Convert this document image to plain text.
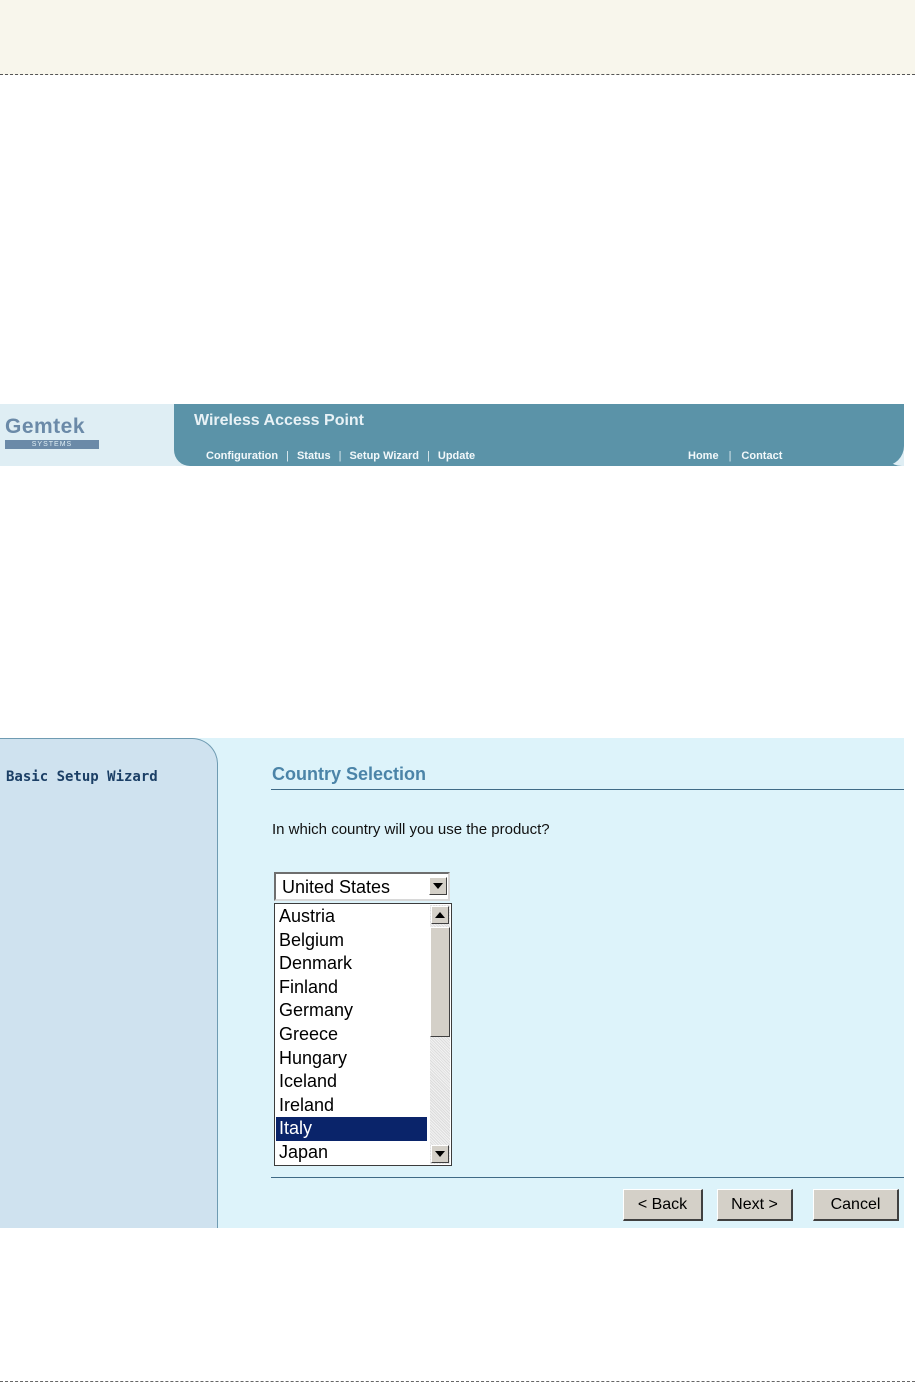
Gemtek
SYSTEMS
Wireless Access Point
Configuration | Status | Setup Wizard | Update	Home | Contact
Basic Setup Wizard	Country Selection
In which country will you use the product?
United States
Austria
Belgium
Denmark
Finland
Germany
Greece
Hungary
Iceland
Ireland
Italy
Japan
< Back	Next >	Cancel
